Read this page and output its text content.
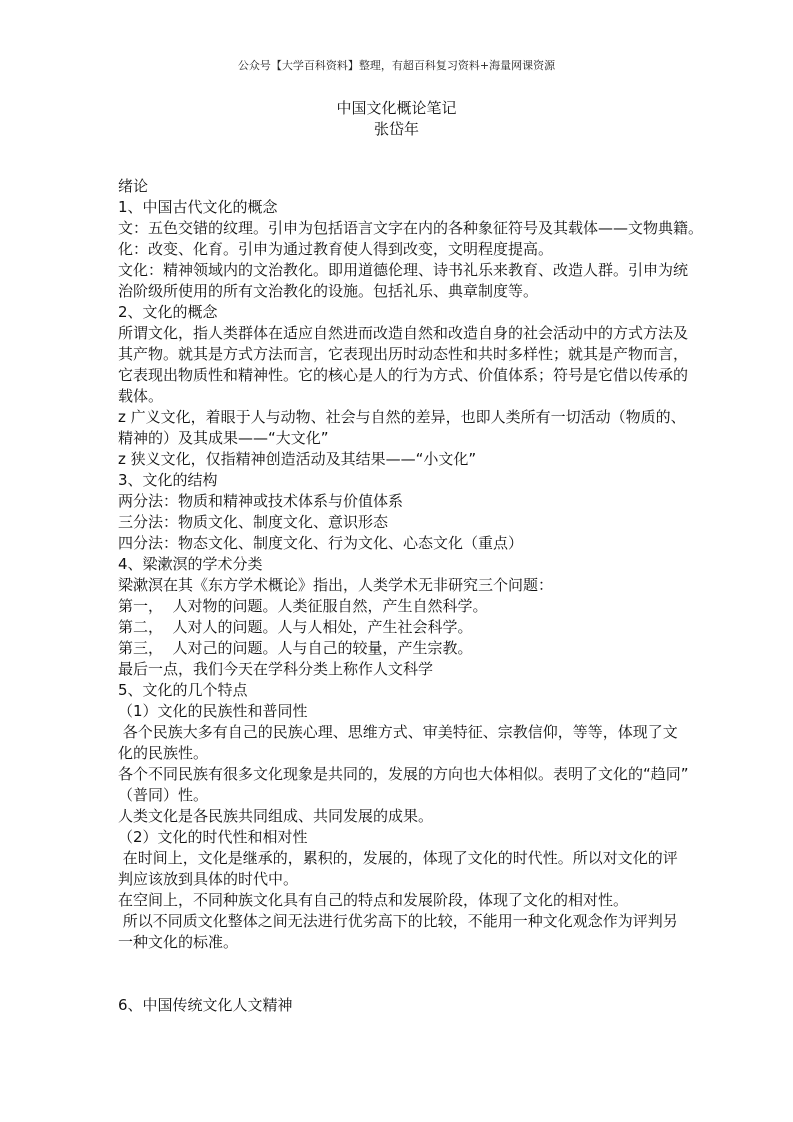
公众号【大学百科资料】整理，有超百科复习资料+海量网课资源
中国文化概论笔记
张岱年
绪论
1、中国古代文化的概念
文：五色交错的纹理。引申为包括语言文字在内的各种象征符号及其载体——文物典籍。
化：改变、化育。引申为通过教育使人得到改变，文明程度提高。
文化：精神领域内的文治教化。即用道德伦理、诗书礼乐来教育、改造人群。引申为统
治阶级所使用的所有文治教化的设施。包括礼乐、典章制度等。
2、文化的概念
所谓文化，指人类群体在适应自然进而改造自然和改造自身的社会活动中的方式方法及
其产物。就其是方式方法而言，它表现出历时动态性和共时多样性；就其是产物而言，
它表现出物质性和精神性。它的核心是人的行为方式、价值体系；符号是它借以传承的
载体。
z 广义文化，着眼于人与动物、社会与自然的差异，也即人类所有一切活动（物质的、
精神的）及其成果——“大文化”
z 狭义文化，仅指精神创造活动及其结果——“小文化”
3、文化的结构
两分法：物质和精神或技术体系与价值体系
三分法：物质文化、制度文化、意识形态
四分法：物态文化、制度文化、行为文化、心态文化（重点）
4、梁漱溟的学术分类
梁漱溟在其《东方学术概论》指出，人类学术无非研究三个问题：
第一，  人对物的问题。人类征服自然，产生自然科学。
第二，  人对人的问题。人与人相处，产生社会科学。
第三，  人对己的问题。人与自己的较量，产生宗教。
最后一点，我们今天在学科分类上称作人文科学
5、文化的几个特点
（1）文化的民族性和普同性
各个民族大多有自己的民族心理、思维方式、审美特征、宗教信仰，等等，体现了文
化的民族性。
各个不同民族有很多文化现象是共同的，发展的方向也大体相似。表明了文化的“趋同”
（普同）性。
人类文化是各民族共同组成、共同发展的成果。
（2）文化的时代性和相对性
在时间上，文化是继承的，累积的，发展的，体现了文化的时代性。所以对文化的评
判应该放到具体的时代中。
在空间上，不同种族文化具有自己的特点和发展阶段，体现了文化的相对性。
所以不同质文化整体之间无法进行优劣高下的比较，不能用一种文化观念作为评判另
一种文化的标准。
6、中国传统文化人文精神
